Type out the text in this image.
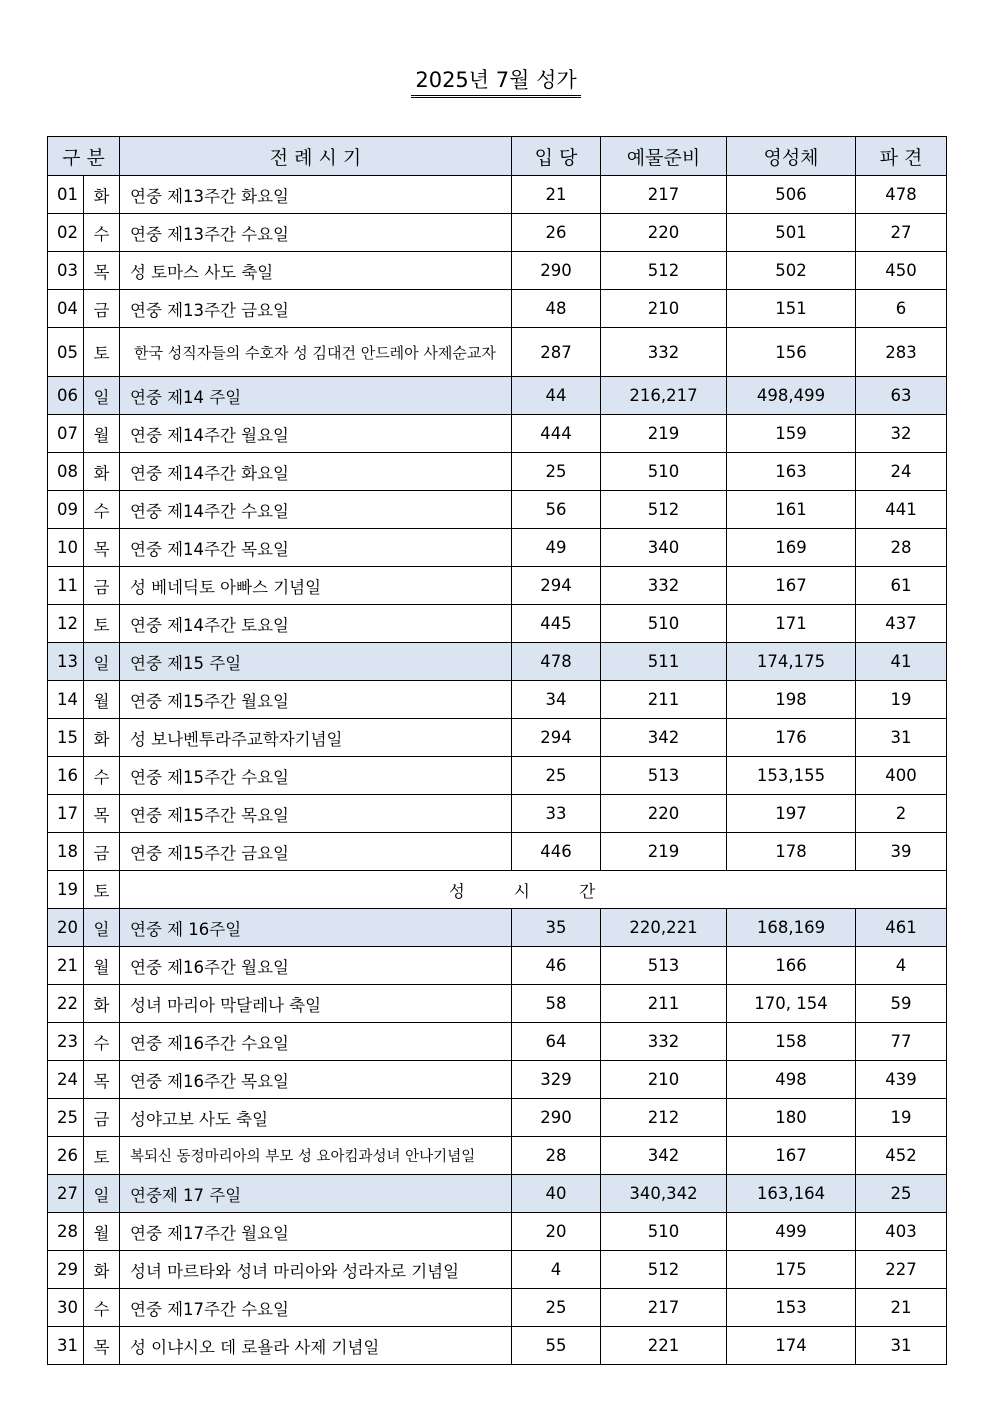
2025년 7월 성가
구 분		전 례 시 기	입 당	예물준비	영성체	파 견
01	화	연중 제13주간 화요일	21	217	506	478
02	수	연중 제13주간 수요일	26	220	501	27
03	목	성 토마스 사도 축일	290	512	502	450
04	금	연중 제13주간 금요일	48	210	151	6
05	토	한국 성직자들의 수호자 성 김대건 안드레아 사제순교자	287	332	156	283
06	일	연중 제14 주일	44	216,217	498,499	63
07	월	연중 제14주간 월요일	444	219	159	32
08	화	연중 제14주간 화요일	25	510	163	24
09	수	연중 제14주간 수요일	56	512	161	441
10	목	연중 제14주간 목요일	49	340	169	28
11	금	성 베네딕토 아빠스 기념일	294	332	167	61
12	토	연중 제14주간 토요일	445	510	171	437
13	일	연중 제15 주일	478	511	174,175	41
14	월	연중 제15주간 월요일	34	211	198	19
15	화	성 보나벤투라주교학자기념일	294	342	176	31
16	수	연중 제15주간 수요일	25	513	153,155	400
17	목	연중 제15주간 목요일	33	220	197	2
18	금	연중 제15주간 금요일	446	219	178	39
19	토	성 시 간				
20	일	연중 제 16주일	35	220,221	168,169	461
21	월	연중 제16주간 월요일	46	513	166	4
22	화	성녀 마리아 막달레나 축일	58	211	170, 154	59
23	수	연중 제16주간 수요일	64	332	158	77
24	목	연중 제16주간 목요일	329	210	498	439
25	금	성야고보 사도 축일	290	212	180	19
26	토	복되신 동정마리아의 부모 성 요아킴과성녀 안나기념일	28	342	167	452
27	일	연중제 17 주일	40	340,342	163,164	25
28	월	연중 제17주간 월요일	20	510	499	403
29	화	성녀 마르타와 성녀 마리아와 성라자로 기념일	4	512	175	227
30	수	연중 제17주간 수요일	25	217	153	21
31	목	성 이냐시오 데 로욜라 사제 기념일	55	221	174	31
